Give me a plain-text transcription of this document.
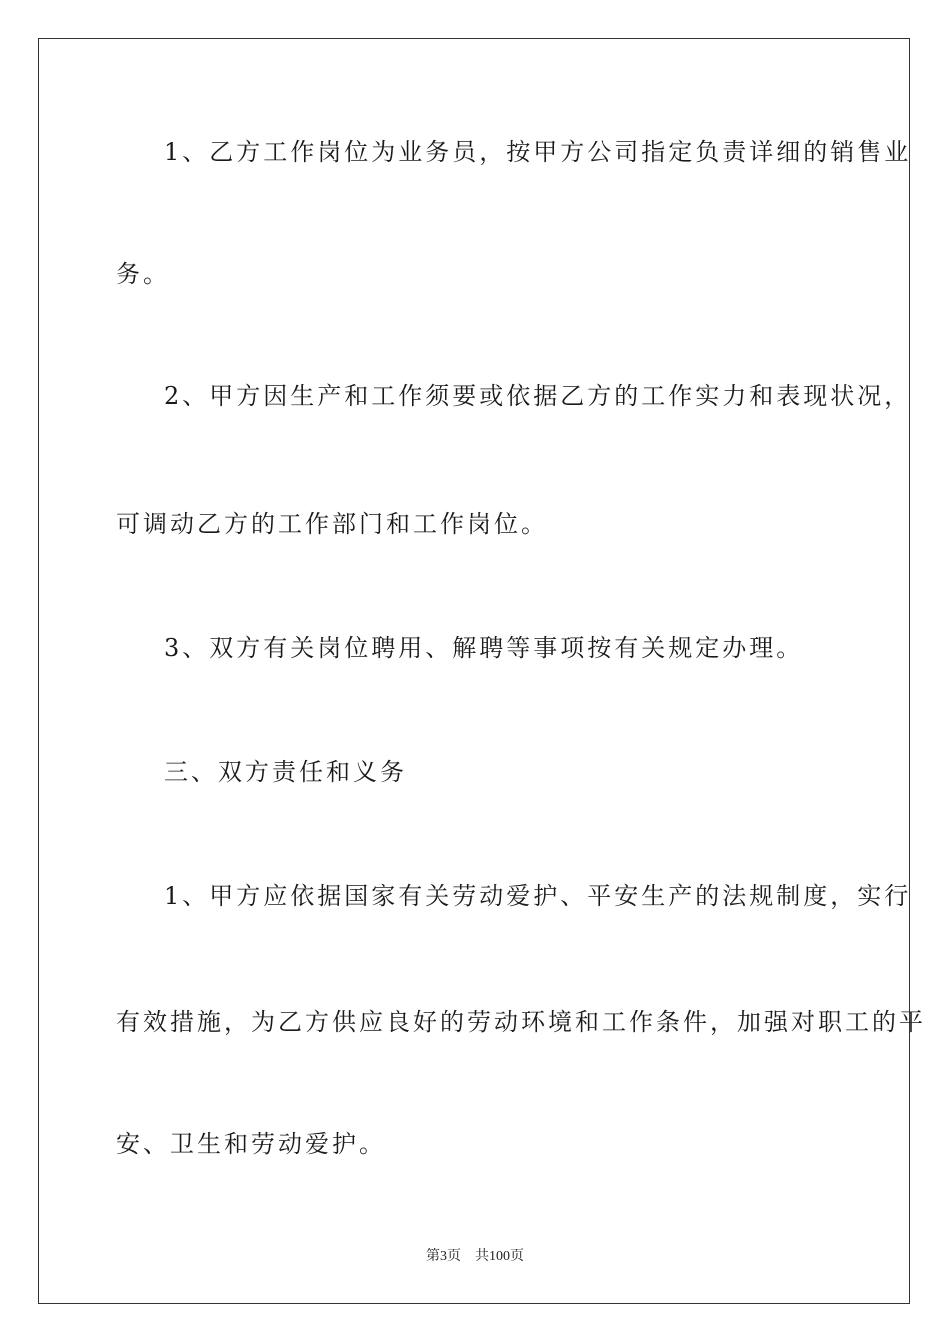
1、乙方工作岗位为业务员，按甲方公司指定负责详细的销售业
务。
2、甲方因生产和工作须要或依据乙方的工作实力和表现状况，
可调动乙方的工作部门和工作岗位。
3、双方有关岗位聘用、解聘等事项按有关规定办理。
三、双方责任和义务
1、甲方应依据国家有关劳动爱护、平安生产的法规制度，实行
有效措施，为乙方供应良好的劳动环境和工作条件，加强对职工的平
安、卫生和劳动爱护。
第3页 共100页
